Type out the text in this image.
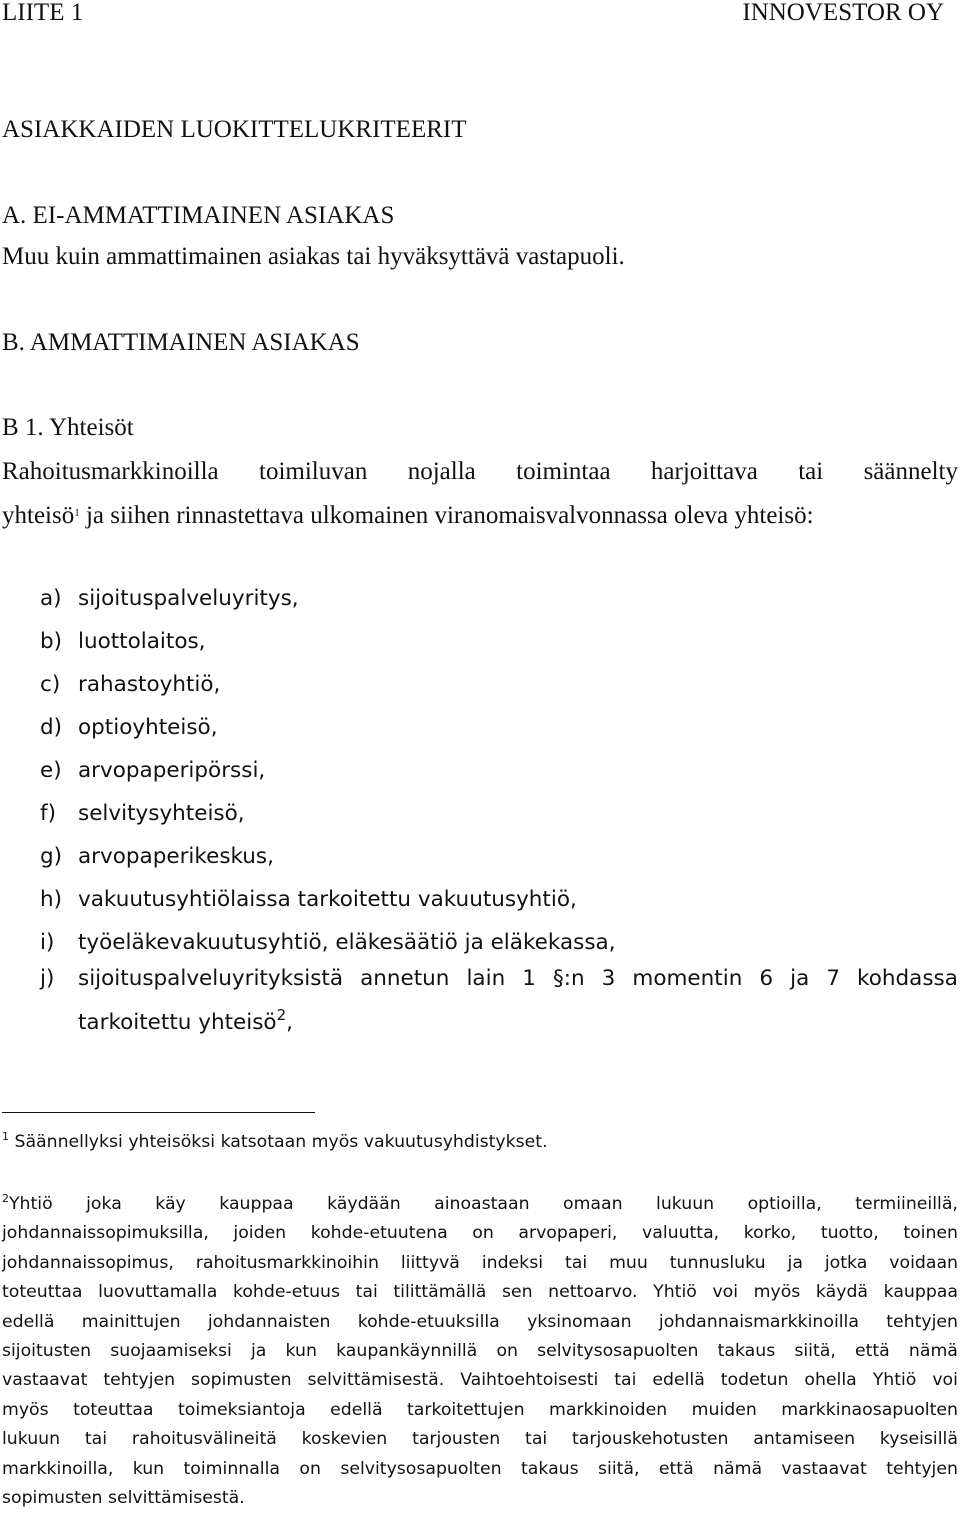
LIITE 1	INNOVESTOR OY
ASIAKKAIDEN LUOKITTELUKRITEERIT
A. EI-AMMATTIMAINEN ASIAKAS
Muu kuin ammattimainen asiakas tai hyväksyttävä vastapuoli.
B. AMMATTIMAINEN ASIAKAS
B 1. Yhteisöt
Rahoitusmarkkinoilla toimiluvan nojalla toimintaa harjoittava tai säännelty
yhteisö$^1$ ja siihen rinnastettava ulkomainen viranomaisvalvonnassa oleva yhteisö:
a) sijoituspalveluyritys,
b) luottolaitos,
c) rahastoyhtiö,
d) optioyhteisö,
e) arvopaperipörssi,
f) selvitysyhteisö,
g) arvopaperikeskus,
h) vakuutusyhtiölaissa tarkoitettu vakuutusyhtiö,
i) työeläkevakuutusyhtiö, eläkesäätiö ja eläkekassa,
j) sijoituspalveluyrityksistä annetun lain 1 §:n 3 momentin 6 ja 7 kohdassa
tarkoitettu yhteisö$^2$,
$^1$ Säännellyksi yhteisöksi katsotaan myös vakuutusyhdistykset.
$^2$Yhtiö joka käy kauppaa käydään ainoastaan omaan lukuun optioilla, termiineillä,
johdannaissopimuksilla, joiden kohde-etuutena on arvopaperi, valuutta, korko, tuotto, toinen
johdannaissopimus, rahoitusmarkkinoihin liittyvä indeksi tai muu tunnusluku ja jotka voidaan
toteuttaa luovuttamalla kohde-etuus tai tilittämällä sen nettoarvo. Yhtiö voi myös käydä kauppaa
edellä mainittujen johdannaisten kohde-etuuksilla yksinomaan johdannaismarkkinoilla tehtyjen
sijoitusten suojaamiseksi ja kun kaupankäynnillä on selvitysosapuolten takaus siitä, että nämä
vastaavat tehtyjen sopimusten selvittämisestä. Vaihtoehtoisesti tai edellä todetun ohella Yhtiö voi
myös toteuttaa toimeksiantoja edellä tarkoitettujen markkinoiden muiden markkinaosapuolten
lukuun tai rahoitusvälineitä koskevien tarjousten tai tarjouskehotusten antamiseen kyseisillä
markkinoilla, kun toiminnalla on selvitysosapuolten takaus siitä, että nämä vastaavat tehtyjen
sopimusten selvittämisestä.
